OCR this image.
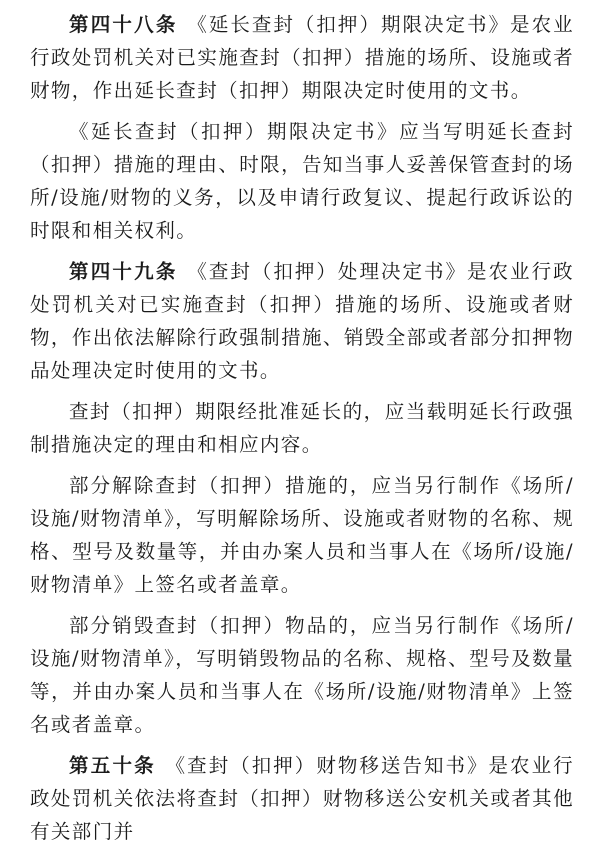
第四十八条 《延长查封（扣押）期限决定书》是农业行政处罚机关对已实施查封（扣押）措施的场所、设施或者财物，作出延长查封（扣押）期限决定时使用的文书。

《延长查封（扣押）期限决定书》应当写明延长查封（扣押）措施的理由、时限，告知当事人妥善保管查封的场所/设施/财物的义务，以及申请行政复议、提起行政诉讼的时限和相关权利。

第四十九条 《查封（扣押）处理决定书》是农业行政处罚机关对已实施查封（扣押）措施的场所、设施或者财物，作出依法解除行政强制措施、销毁全部或者部分扣押物品处理决定时使用的文书。

查封（扣押）期限经批准延长的，应当载明延长行政强制措施决定的理由和相应内容。

部分解除查封（扣押）措施的，应当另行制作《场所/设施/财物清单》，写明解除场所、设施或者财物的名称、规格、型号及数量等，并由办案人员和当事人在《场所/设施/财物清单》上签名或者盖章。

部分销毁查封（扣押）物品的，应当另行制作《场所/设施/财物清单》，写明销毁物品的名称、规格、型号及数量等，并由办案人员和当事人在《场所/设施/财物清单》上签名或者盖章。

第五十条 《查封（扣押）财物移送告知书》是农业行政处罚机关依法将查封（扣押）财物移送公安机关或者其他有关部门并
